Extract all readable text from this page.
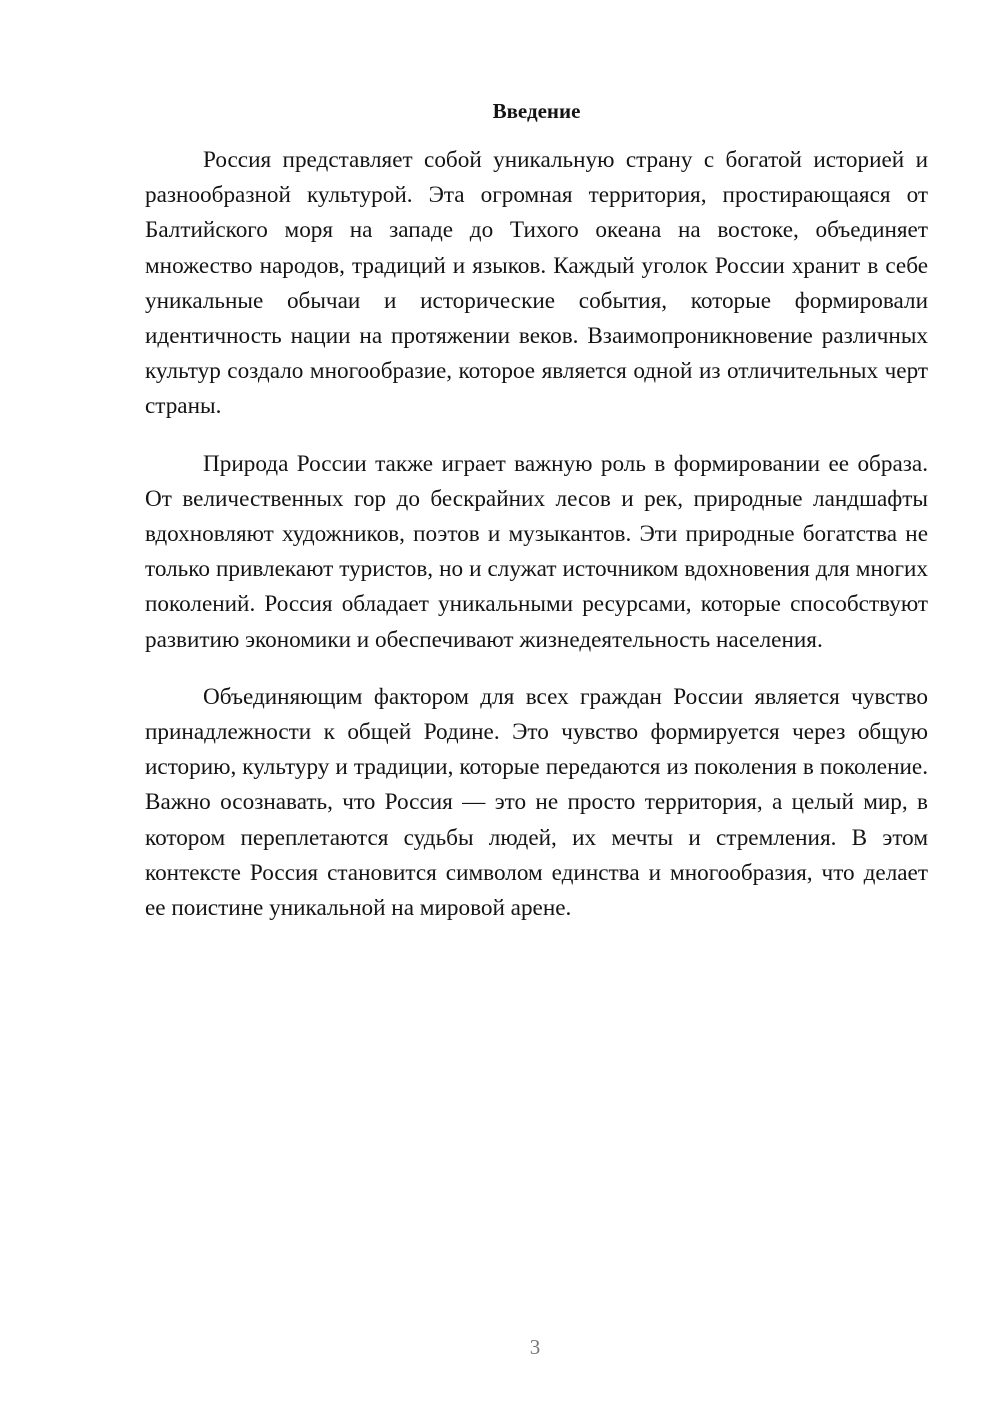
Введение

Россия представляет собой уникальную страну с богатой историей и разнообразной культурой. Эта огромная территория, простирающаяся от Балтийского моря на западе до Тихого океана на востоке, объединяет множество народов, традиций и языков. Каждый уголок России хранит в себе уникальные обычаи и исторические события, которые формировали идентичность нации на протяжении веков. Взаимопроникновение различных культур создало многообразие, которое является одной из отличительных черт страны.

Природа России также играет важную роль в формировании ее образа. От величественных гор до бескрайних лесов и рек, природные ландшафты вдохновляют художников, поэтов и музыкантов. Эти природные богатства не только привлекают туристов, но и служат источником вдохновения для многих поколений. Россия обладает уникальными ресурсами, которые способствуют развитию экономики и обеспечивают жизнедеятельность населения.

Объединяющим фактором для всех граждан России является чувство принадлежности к общей Родине. Это чувство формируется через общую историю, культуру и традиции, которые передаются из поколения в поколение. Важно осознавать, что Россия — это не просто территория, а целый мир, в котором переплетаются судьбы людей, их мечты и стремления. В этом контексте Россия становится символом единства и многообразия, что делает ее поистине уникальной на мировой арене.

3
